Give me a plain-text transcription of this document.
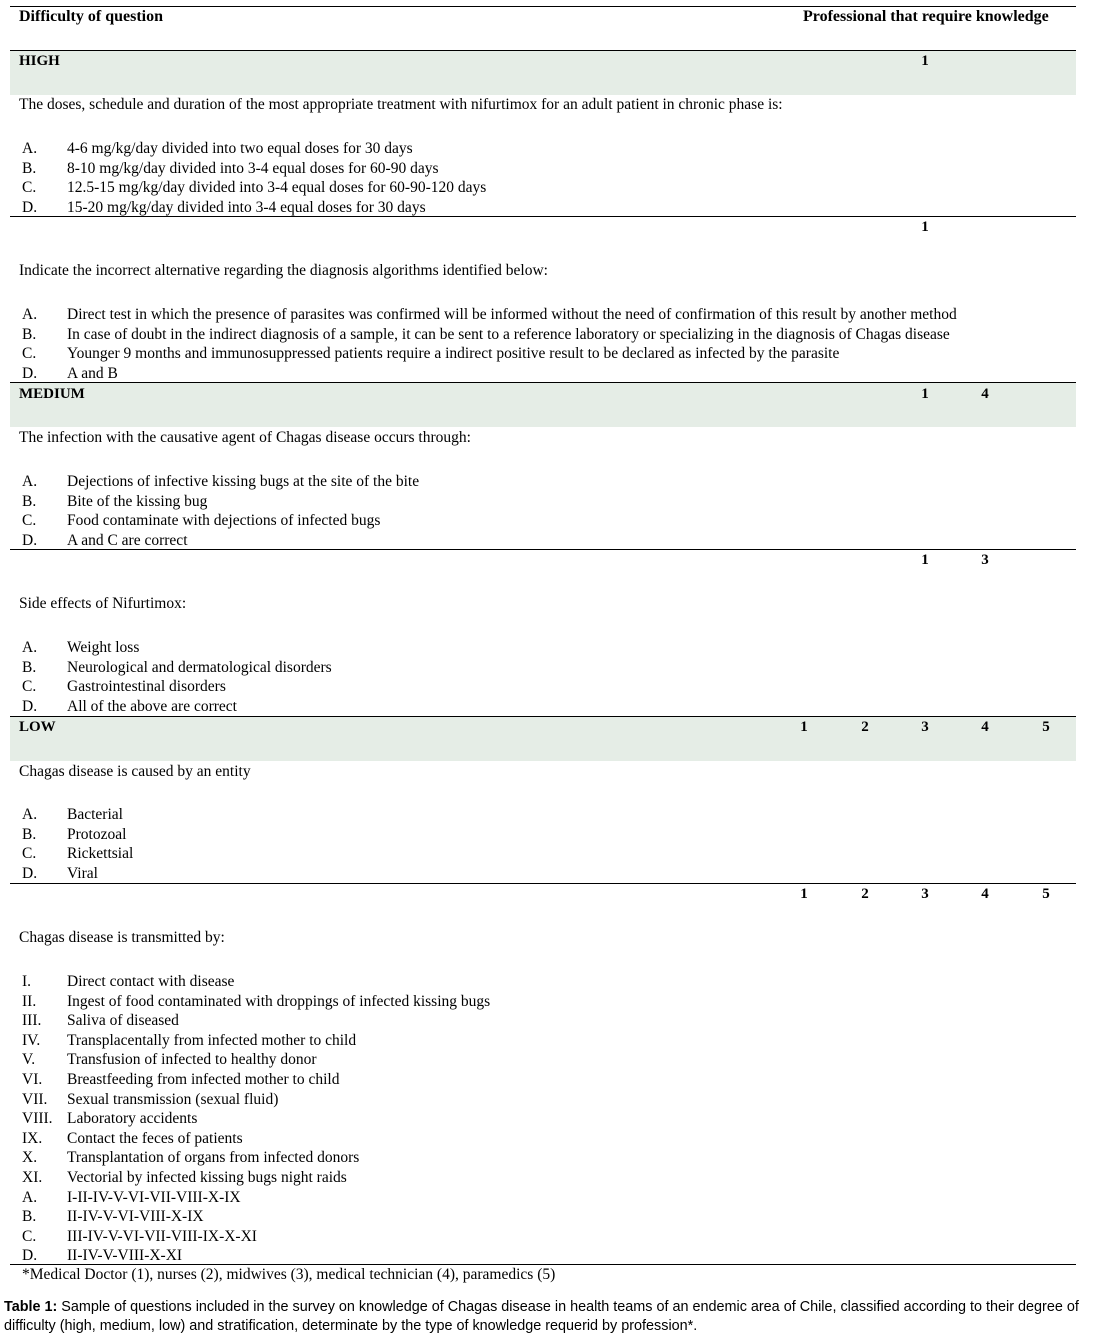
Difficulty of question	Professional that require knowledge
HIGH	1
The doses, schedule and duration of the most appropriate treatment with nifurtimox for an adult patient in chronic phase is:
A. 4-6 mg/kg/day divided into two equal doses for 30 days
B. 8-10 mg/kg/day divided into 3-4 equal doses for 60-90 days
C. 12.5-15 mg/kg/day divided into 3-4 equal doses for 60-90-120 days
D. 15-20 mg/kg/day divided into 3-4 equal doses for 30 days
1
Indicate the incorrect alternative regarding the diagnosis algorithms identified below:
A. Direct test in which the presence of parasites was confirmed will be informed without the need of confirmation of this result by another method
B. In case of doubt in the indirect diagnosis of a sample, it can be sent to a reference laboratory or specializing in the diagnosis of Chagas disease
C. Younger 9 months and immunosuppressed patients require a indirect positive result to be declared as infected by the parasite
D. A and B
MEDIUM	1	4
The infection with the causative agent of Chagas disease occurs through:
A. Dejections of infective kissing bugs at the site of the bite
B. Bite of the kissing bug
C. Food contaminate with dejections of infected bugs
D. A and C are correct
1	3
Side effects of Nifurtimox:
A. Weight loss
B. Neurological and dermatological disorders
C. Gastrointestinal disorders
D. All of the above are correct
LOW	1	2	3	4	5
Chagas disease is caused by an entity
A. Bacterial
B. Protozoal
C. Rickettsial
D. Viral
1	2	3	4	5
Chagas disease is transmitted by:
I. Direct contact with disease
II. Ingest of food contaminated with droppings of infected kissing bugs
III. Saliva of diseased
IV. Transplacentally from infected mother to child
V. Transfusion of infected to healthy donor
VI. Breastfeeding from infected mother to child
VII. Sexual transmission (sexual fluid)
VIII. Laboratory accidents
IX. Contact the feces of patients
X. Transplantation of organs from infected donors
XI. Vectorial by infected kissing bugs night raids
A. I-II-IV-V-VI-VII-VIII-X-IX
B. II-IV-V-VI-VIII-X-IX
C. III-IV-V-VI-VII-VIII-IX-X-XI
D. II-IV-V-VIII-X-XI
*Medical Doctor (1), nurses (2), midwives (3), medical technician (4), paramedics (5)
Table 1: Sample of questions included in the survey on knowledge of Chagas disease in health teams of an endemic area of Chile, classified according to their degree of difficulty (high, medium, low) and stratification, determinate by the type of knowledge requerid by profession*.
